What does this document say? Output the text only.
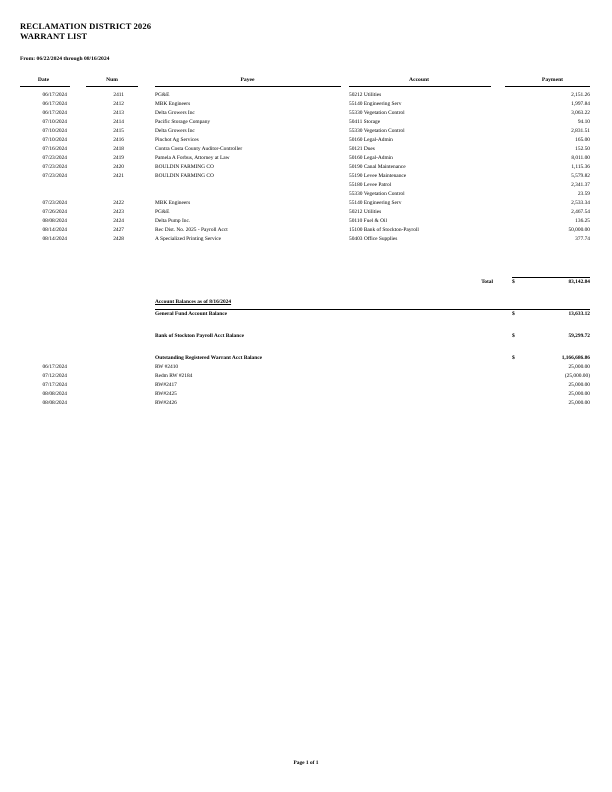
RECLAMATION DISTRICT 2026
WARRANT LIST
From: 06/22/2024 through 08/16/2024
Date	Num	Payee	Account	Payment
06/17/2024	2411	PG&E	50212 Utilities	2,151.26
06/17/2024	2412	MBK Engineers	55140 Engineering Serv	1,997.84
06/17/2024	2413	Delta Growers Inc	55330 Vegetation Control	3,063.22
07/10/2024	2414	Pacific Storage Company	50411 Storage	94.10
07/10/2024	2415	Delta Growers Inc	55330 Vegetation Control	2,831.51
07/10/2024	2416	Pinchot Ag Services	50160 Legal-Admin	165.00
07/16/2024	2418	Contra Costa County Auditor-Controller	50121 Dues	152.50
07/23/2024	2419	Pamela A Forbus, Attorney at Law	50160 Legal-Admin	8,011.00
07/23/2024	2420	BOULDIN FARMING CO	50190 Canal Maintenance	1,115.36
07/23/2024	2421	BOULDIN FARMING CO	55190 Levee Maintenance	5,579.82
55180 Levee Patrol	2,341.37
55330 Vegetation Control	23.59
07/23/2024	2422	MBK Engineers	55140 Engineering Serv	2,533.34
07/26/2024	2423	PG&E	50212 Utilities	2,467.54
08/08/2024	2424	Delta Pump Inc.	50110 Fuel & Oil	136.25
08/14/2024	2427	Rec Dist. No. 2025 - Payroll Acct	15100 Bank of Stockton-Payroll	50,000.00
08/14/2024	2428	A Specialized Printing Service	50403 Office Supplies	377.74
Total	$	83,142.84
Account Balances as of 8/16/2024
General Fund Account Balance	$	13,633.12
Bank of Stockton Payroll Acct Balance	$	59,299.72
Outstanding Registered Warrant Acct Balance	$	1,166,686.86
06/17/2024	RW #2410	25,000.00
07/12/2024	Redm RW #2184	(25,000.00)
07/17/2024	RW#2417	25,000.00
08/08/2024	RW#2425	25,000.00
08/08/2024	RW#2426	25,000.00
Page 1 of 1
